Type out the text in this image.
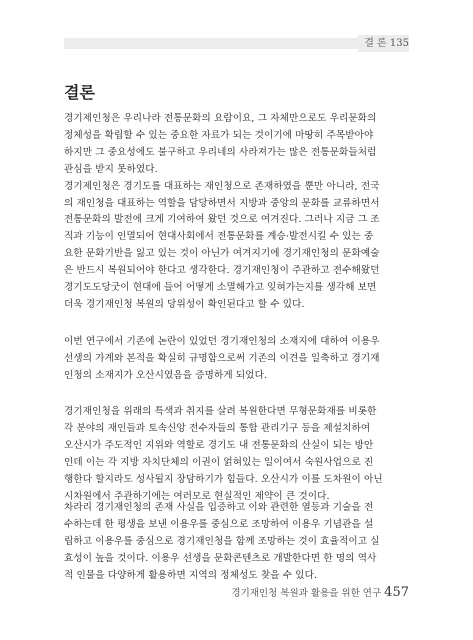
결 론 135
결론

경기제인청은 우리나라 전통문화의 요람이요, 그 자체만으로도 우리문화의
정체성을 확립할 수 있는 중요한 자료가 되는 것이기에 마땅히 주목받아야
하지만 그 중요성에도 불구하고 우리네의 사라져가는 많은 전통문화들처럼
관심을 받지 못하였다.
경기제인청은 경기도를 대표하는 재인청으로 존재하였을 뿐만 아니라, 전국
의 재인청을 대표하는 역할을 담당하면서 지방과 중앙의 문화를 교류하면서
전통문화의 발전에 크게 기여하여 왔던 것으로 여겨진다. 그러나 지금 그 조
직과 기능이 인멸되어 현대사회에서 전통문화를 계승·발전시킬 수 있는 중
요한 문화기반을 잃고 있는 것이 아닌가 여겨지기에 경기재인청의 문화예술
은 반드시 복원되어야 한다고 생각한다. 경기재인청이 주관하고 전수해왔던
경기도도당굿이 현대에 들어 어떻게 소멸해가고 잊혀가는지를 생각해 보면
더욱 경기재인청 복원의 당위성이 확인된다고 할 수 있다.

이번 연구에서 기존에 논란이 있었던 경기재인청의 소재지에 대하여 이용우
선생의 가계와 본적을 확실히 규명함으로써 기존의 이견을 일축하고 경기재
인청의 소재지가 오산시였음을 증명하게 되었다.

경기재인청을 위래의 특색과 취지를 살려 복원한다면 무형문화재를 비롯한
각 분야의 재인들과 토속신앙 전수자들의 통합 관리기구 등을 제설치하여
오산시가 주도적인 지위와 역할로 경기도 내 전통문화의 산실이 되는 방안
인데 이는 각 지방 자치단체의 이권이 얽혀있는 일이여서 숙원사업으로 진
행한다 할지라도 성사될지 장담하기가 힘들다. 오산시가 이를 도차원이 아닌
시차원에서 주관하기에는 여러모로 현실적인 제약이 큰 것이다.

차라리 경기재인청의 존재 사실을 입증하고 이와 관련한 열등과 기술을 전
수하는데 한 평생을 보낸 이용우를 중심으로 조망하여 이용우 기념관을 설
립하고 이용우를 중심으로 경기재인청을 함께 조망하는 것이 효율적이고 실
효성이 높을 것이다. 이용우 선생을 문화콘텐츠로 개발한다면 한 명의 역사
적 인물을 다양하게 활용하면 지역의 정체성도 찾을 수 있다.

경기재인청 복원과 활용을 위한 연구 457
